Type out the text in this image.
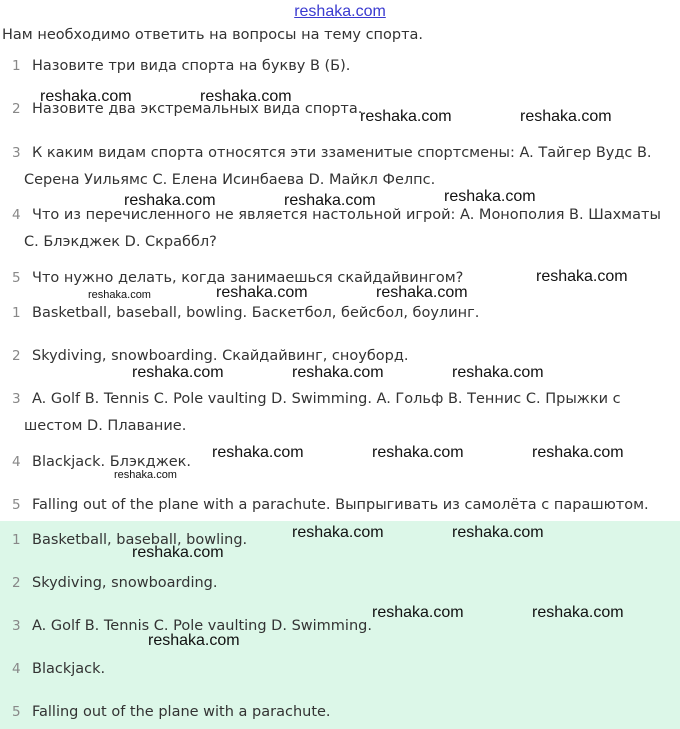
reshaka.com
Нам необходимо ответить на вопросы на тему спорта.
1 Назовите три вида спорта на букву В (Б).
2 Назовите два экстремальных вида спорта.
3 К каким видам спорта относятся эти ззаменитые спортсмены: A. Тайгер Вудс B. Серена Уильямс C. Елена Исинбаева D. Майкл Фелпс.
4 Что из перечисленного не является настольной игрой: A. Монополия B. Шахматы C. Блэкджек D. Скраббл?
5 Что нужно делать, когда занимаешься скайдайвингом?
1 Basketball, baseball, bowling. Баскетбол, бейсбол, боулинг.
2 Skydiving, snowboarding. Скайдайвинг, сноуборд.
3 A. Golf B. Tennis C. Pole vaulting D. Swimming. A. Гольф B. Теннис C. Прыжки с шестом D. Плавание.
4 Blackjack. Блэкджек.
5 Falling out of the plane with a parachute. Выпрыгивать из самолёта с парашютом.
1 Basketball, baseball, bowling.
2 Skydiving, snowboarding.
3 A. Golf B. Tennis C. Pole vaulting D. Swimming.
4 Blackjack.
5 Falling out of the plane with a parachute.
reshaka.com	reshaka.com
reshaka.com	reshaka.com
reshaka.com	reshaka.com	reshaka.com
reshaka.com
reshaka.com	reshaka.com	reshaka.com
reshaka.com	reshaka.com	reshaka.com
reshaka.com	reshaka.com	reshaka.com
reshaka.com
reshaka.com	reshaka.com
reshaka.com
reshaka.com	reshaka.com
reshaka.com
